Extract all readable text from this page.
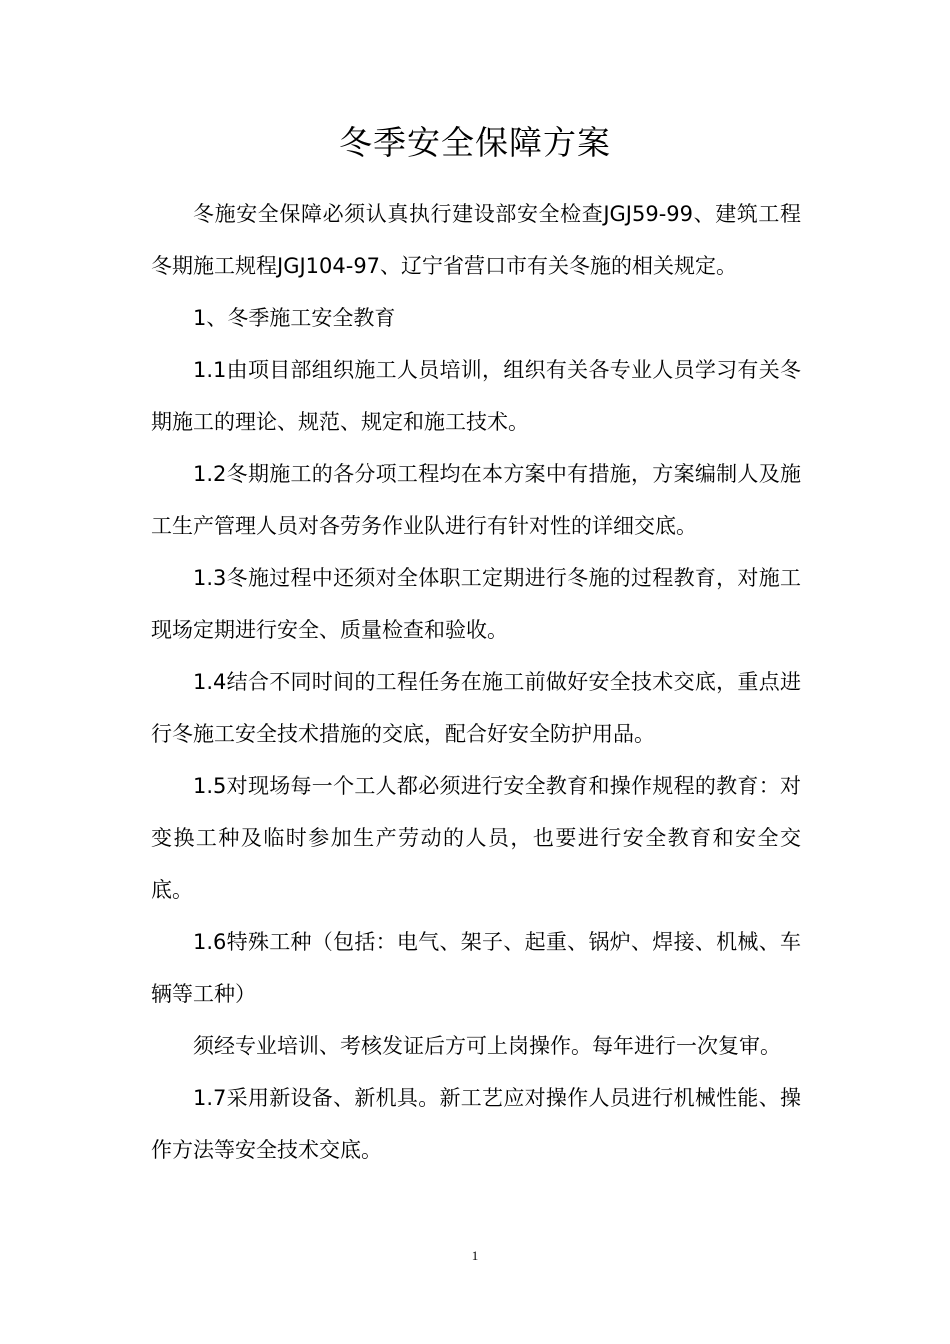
冬季安全保障方案

冬施安全保障必须认真执行建设部安全检查JGJ59-99、建筑工程冬期施工规程JGJ104-97、辽宁省营口市有关冬施的相关规定。

1、冬季施工安全教育

1.1由项目部组织施工人员培训，组织有关各专业人员学习有关冬期施工的理论、规范、规定和施工技术。

1.2冬期施工的各分项工程均在本方案中有措施，方案编制人及施工生产管理人员对各劳务作业队进行有针对性的详细交底。

1.3冬施过程中还须对全体职工定期进行冬施的过程教育，对施工现场定期进行安全、质量检查和验收。

1.4结合不同时间的工程任务在施工前做好安全技术交底，重点进行冬施工安全技术措施的交底，配合好安全防护用品。

1.5对现场每一个工人都必须进行安全教育和操作规程的教育：对变换工种及临时参加生产劳动的人员，也要进行安全教育和安全交底。

1.6特殊工种（包括：电气、架子、起重、锅炉、焊接、机械、车辆等工种）

须经专业培训、考核发证后方可上岗操作。每年进行一次复审。

1.7采用新设备、新机具。新工艺应对操作人员进行机械性能、操作方法等安全技术交底。

1
